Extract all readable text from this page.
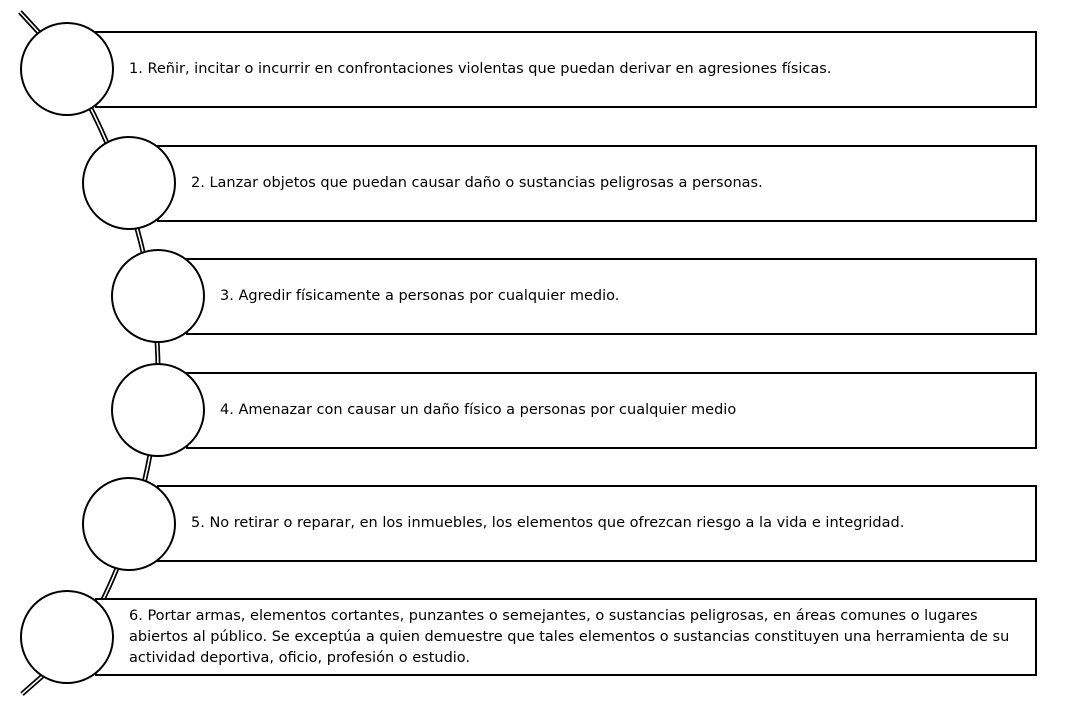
1. Reñir, incitar o incurrir en confrontaciones violentas que puedan derivar en agresiones físicas.
2. Lanzar objetos que puedan causar daño o sustancias peligrosas a personas.
3. Agredir físicamente a personas por cualquier medio.
4. Amenazar con causar un daño físico a personas por cualquier medio
5. No retirar o reparar, en los inmuebles, los elementos que ofrezcan riesgo a la vida e integridad.
6. Portar armas, elementos cortantes, punzantes o semejantes, o sustancias peligrosas, en áreas comunes o lugares abiertos al público. Se exceptúa a quien demuestre que tales elementos o sustancias constituyen una herramienta de su actividad deportiva, oficio, profesión o estudio.
